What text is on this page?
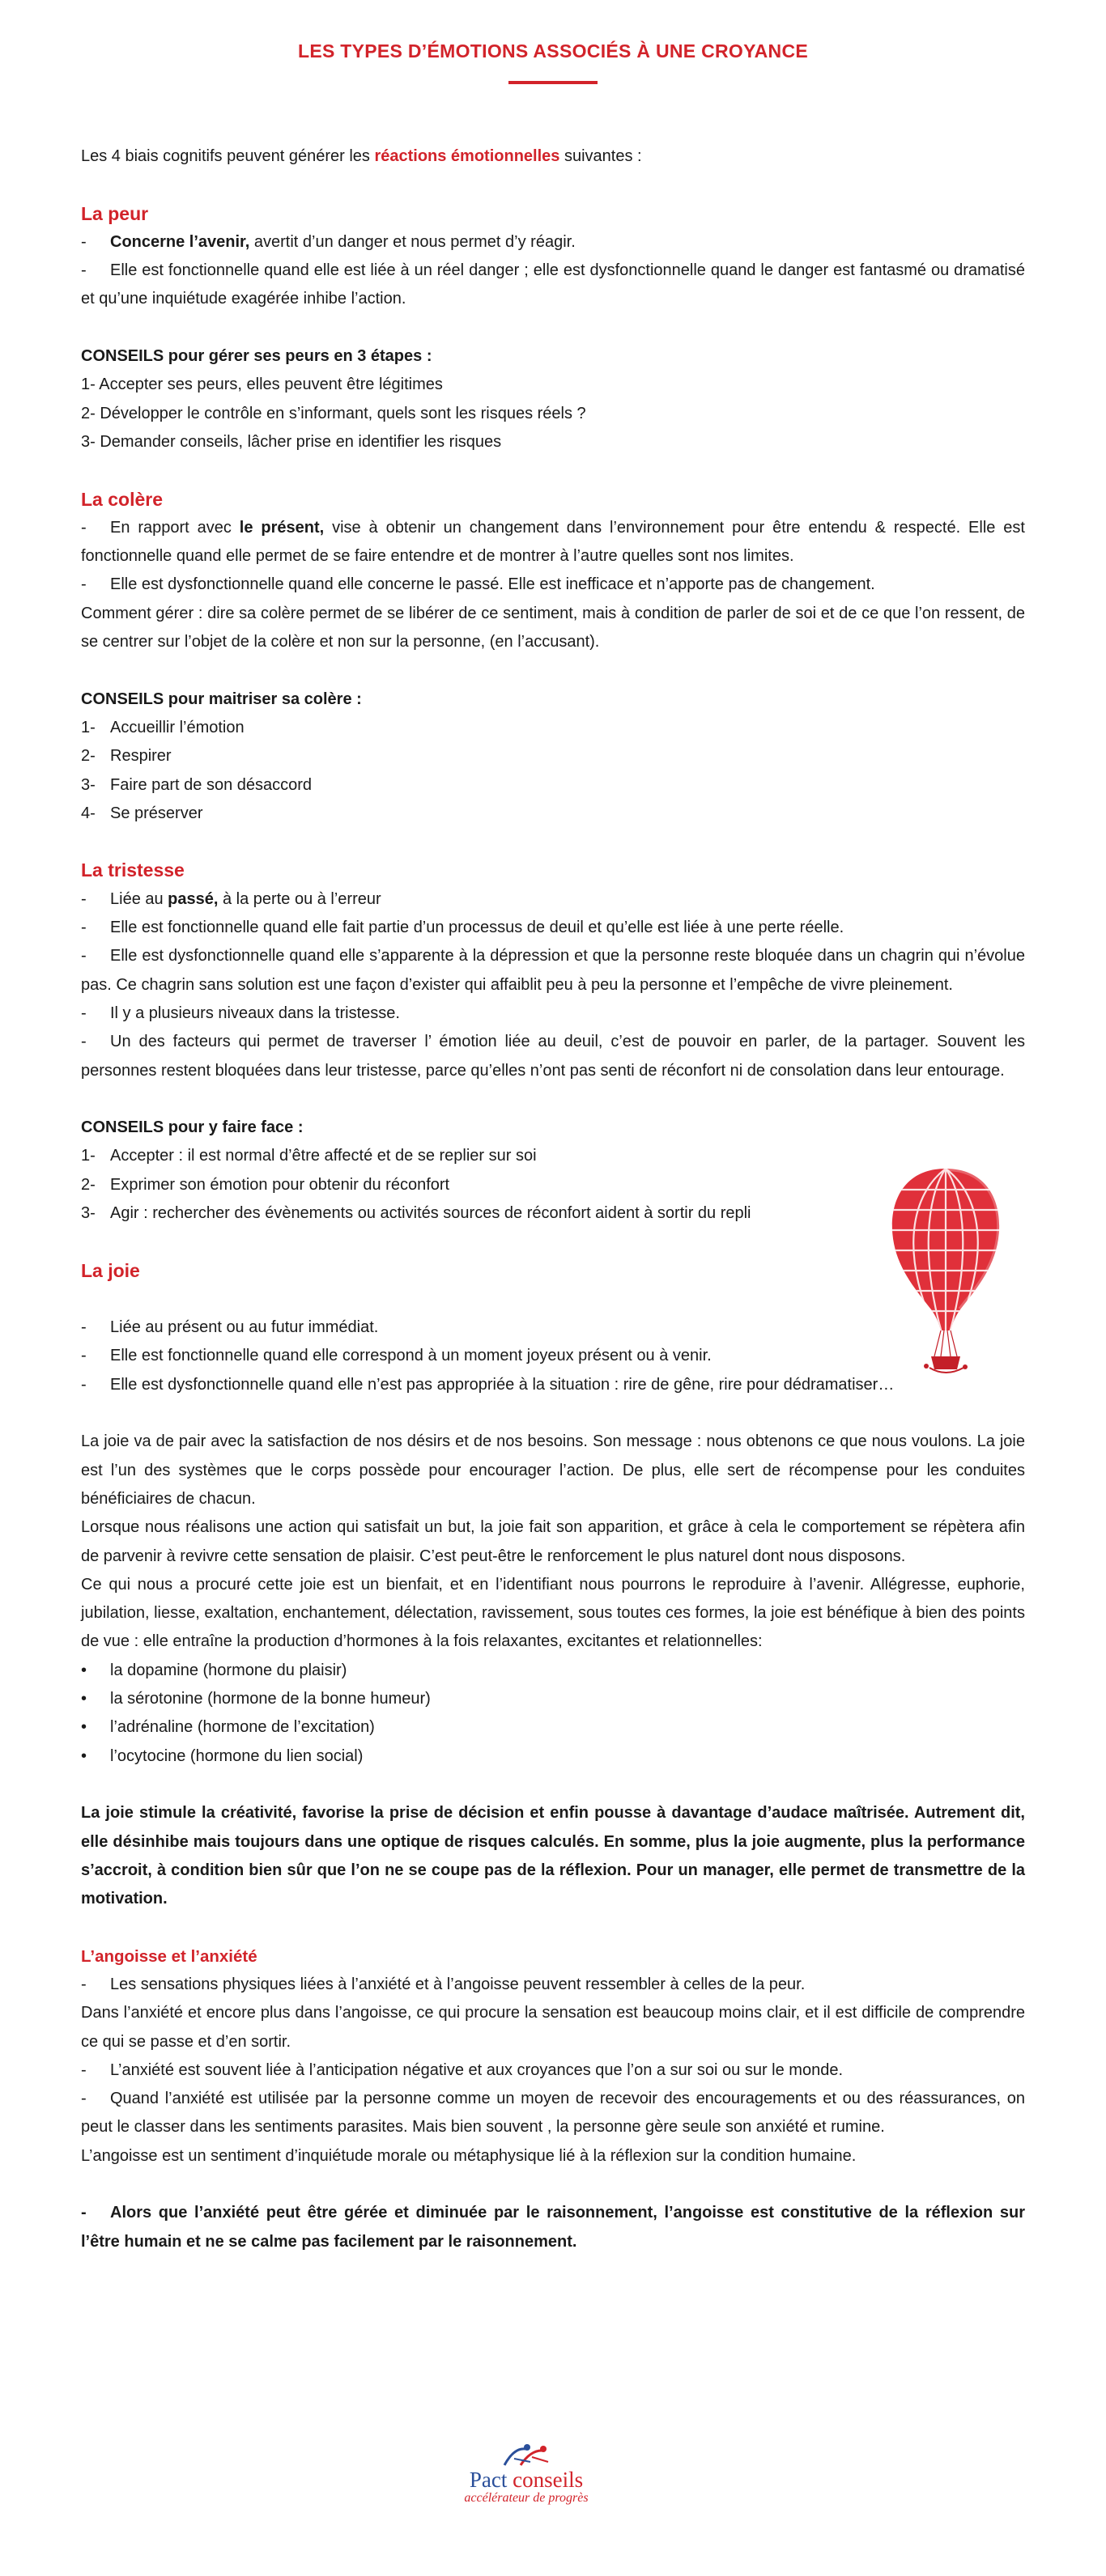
LES TYPES D’ÉMOTIONS ASSOCIÉS À UNE CROYANCE

Les 4 biais cognitifs peuvent générer les réactions émotionnelles suivantes :

La peur
-	Concerne l’avenir, avertit d’un danger et nous permet d’y réagir.

- Elle est fonctionnelle quand elle est liée à un réel danger ; elle est dysfonctionnelle quand le danger est fantasmé ou dramatisé et qu’une inquiétude exagérée inhibe l’action.

CONSEILS pour gérer ses peurs en 3 étapes :

1- Accepter ses peurs, elles peuvent être légitimes

2- Développer le contrôle en s’informant, quels sont les risques réels ?

3- Demander conseils, lâcher prise en identifier les risques

La colère

- En rapport avec le présent, vise à obtenir un changement dans l’environnement pour être entendu & respecté. Elle est fonctionnelle quand elle permet de se faire entendre et de montrer à l’autre quelles sont nos limites.

- Elle est dysfonctionnelle quand elle concerne le passé. Elle est inefficace et n’apporte pas de changement.

Comment gérer : dire sa colère permet de se libérer de ce sentiment, mais à condition de parler de soi et de ce que l’on ressent, de se centrer sur l’objet de la colère et non sur la personne, (en l’accusant).

CONSEILS pour maitriser sa colère :

1- Accueillir l’émotion
2- Respirer
3- Faire part de son désaccord
4- Se préserver
La tristesse
-	Liée au passé, à la perte ou à l’erreur
-	Elle est fonctionnelle quand elle fait partie d’un processus de deuil et qu’elle est liée à une perte réelle.

- Elle est dysfonctionnelle quand elle s’apparente à la dépression et que la personne reste bloquée dans un chagrin qui n’évolue pas. Ce chagrin sans solution est une façon d’exister qui affaiblit peu à peu la personne et l’empêche de vivre pleinement.

-	Il y a plusieurs niveaux dans la tristesse.

- Un des facteurs qui permet de traverser l’ émotion liée au deuil, c’est de pouvoir en parler, de la partager. Souvent les personnes restent bloquées dans leur tristesse, parce qu’elles n’ont pas senti de réconfort ni de consolation dans leur entourage.

CONSEILS pour y faire face :

1- Accepter : il est normal d’être affecté et de se replier sur soi
2- Exprimer son émotion pour obtenir du réconfort
3- Agir : rechercher des évènements ou activités sources de réconfort aident à sortir du repli
La joie
-	Liée au présent ou au futur immédiat.
-	Elle est fonctionnelle quand elle correspond à un moment joyeux présent ou à venir.
-	Elle est dysfonctionnelle quand elle n’est pas appropriée à la situation : rire de gêne, rire pour dédramatiser…

La joie va de pair avec la satisfaction de nos désirs et de nos besoins. Son message : nous obtenons ce que nous voulons. La joie est l’un des systèmes que le corps possède pour encourager l’action. De plus, elle sert de récompense pour les conduites bénéficiaires de chacun.

Lorsque nous réalisons une action qui satisfait un but, la joie fait son apparition, et grâce à cela le comportement se répètera afin de parvenir à revivre cette sensation de plaisir. C’est peut-être le renforcement le plus naturel dont nous disposons.

Ce qui nous a procuré cette joie est un bienfait, et en l’identifiant nous pourrons le reproduire à l’avenir. Allégresse, euphorie, jubilation, liesse, exaltation, enchantement, délectation, ravissement, sous toutes ces formes, la joie est bénéfique à bien des points de vue : elle entraîne la production d’hormones à la fois relaxantes, excitantes et relationnelles:

•	la dopamine (hormone du plaisir)
•	la sérotonine (hormone de la bonne humeur)
•	l’adrénaline (hormone de l’excitation)
•	l’ocytocine (hormone du lien social)

La joie stimule la créativité, favorise la prise de décision et enfin pousse à davantage d’audace maîtrisée. Autrement dit, elle désinhibe mais toujours dans une optique de risques calculés. En somme, plus la joie augmente, plus la performance s’accroit, à condition bien sûr que l’on ne se coupe pas de la réflexion. Pour un manager, elle permet de transmettre de la motivation.

L’angoisse et l’anxiété
-	Les sensations physiques liées à l’anxiété et à l’angoisse peuvent ressembler à celles de la peur.

Dans l’anxiété et encore plus dans l’angoisse, ce qui procure la sensation est beaucoup moins clair, et il est difficile de comprendre ce qui se passe et d’en sortir.

-	L’anxiété est souvent liée à l’anticipation négative et aux croyances que l’on a sur soi ou sur le monde.

- Quand l’anxiété est utilisée par la personne comme un moyen de recevoir des encouragements et ou des réassurances, on peut le classer dans les sentiments parasites. Mais bien souvent , la personne gère seule son anxiété et rumine.

L’angoisse est un sentiment d’inquiétude morale ou métaphysique lié à la réflexion sur la condition humaine.

- Alors que l’anxiété peut être gérée et diminuée par le raisonnement, l’angoisse est constitutive de la réflexion sur l’être humain et ne se calme pas facilement par le raisonnement.

Pact conseils
accélérateur de progrès
